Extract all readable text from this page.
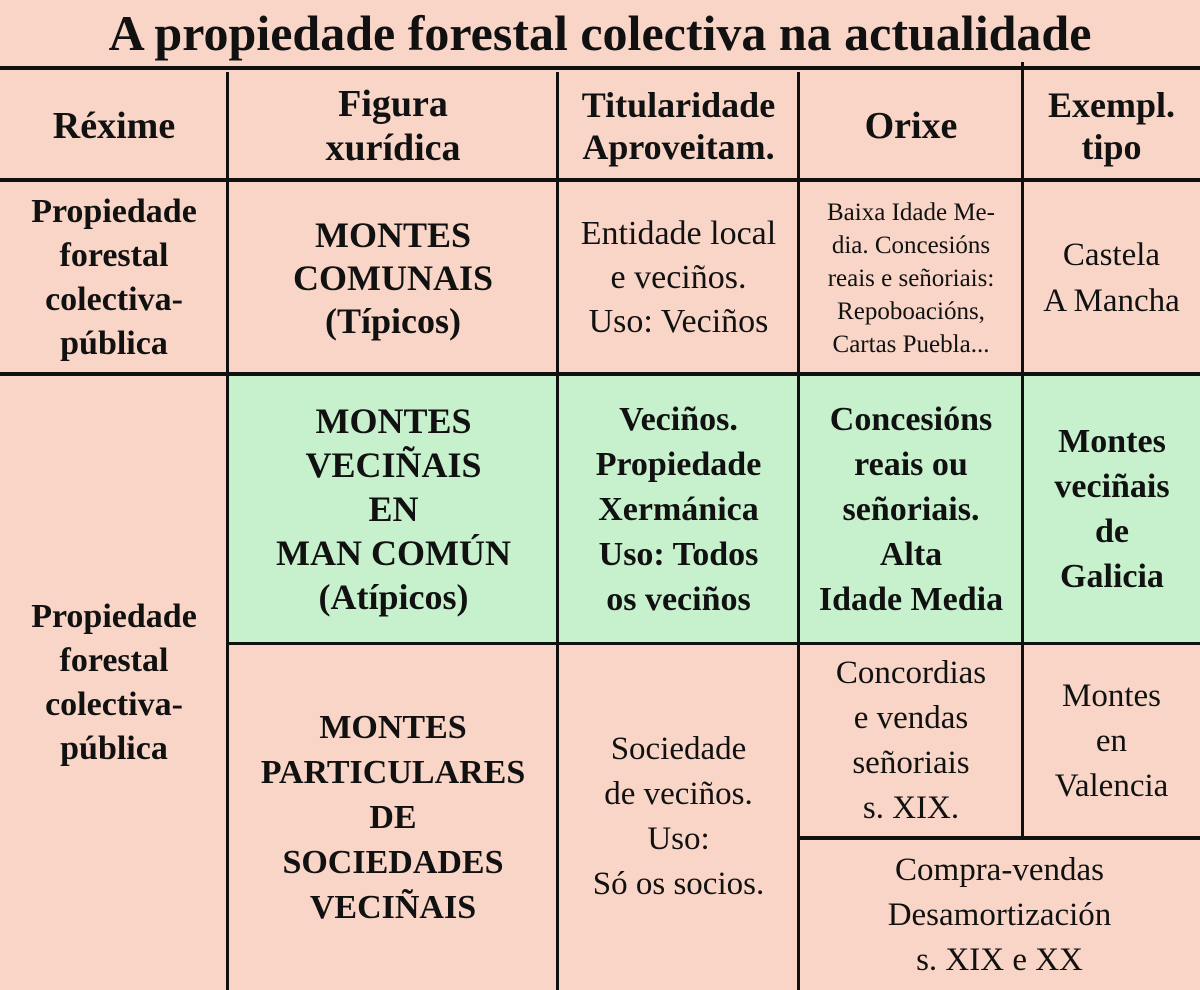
A propiedade forestal colectiva na actualidade
Réxime
Figura
xurídica
Titularidade
Aproveitam.	Orixe	Exempl.
tipo
Propiedade
forestal
colectiva-
pública
MONTES
COMUNAIS
(Típicos)
Entidade local
e veciños.
Uso: Veciños
Baixa Idade Me-
dia. Concesións
reais e señoriais:
Repoboacións,
Cartas Puebla...
Castela
A Mancha
Propiedade
forestal
colectiva-
pública
MONTES
VECIÑAIS
EN
MAN COMÚN
(Atípicos)
Veciños.
Propiedade
Xermánica
Uso: Todos
os veciños
Concesións
reais ou
señoriais.
Alta
Idade Media
Montes
veciñais
de
Galicia
MONTES
PARTICULARES
DE
SOCIEDADES
VECIÑAIS
Sociedade
de veciños.
Uso:
Só os socios.
Concordias
e vendas
señoriais
s. XIX.
Montes
en
Valencia
Compra-vendas
Desamortización
s. XIX e XX
